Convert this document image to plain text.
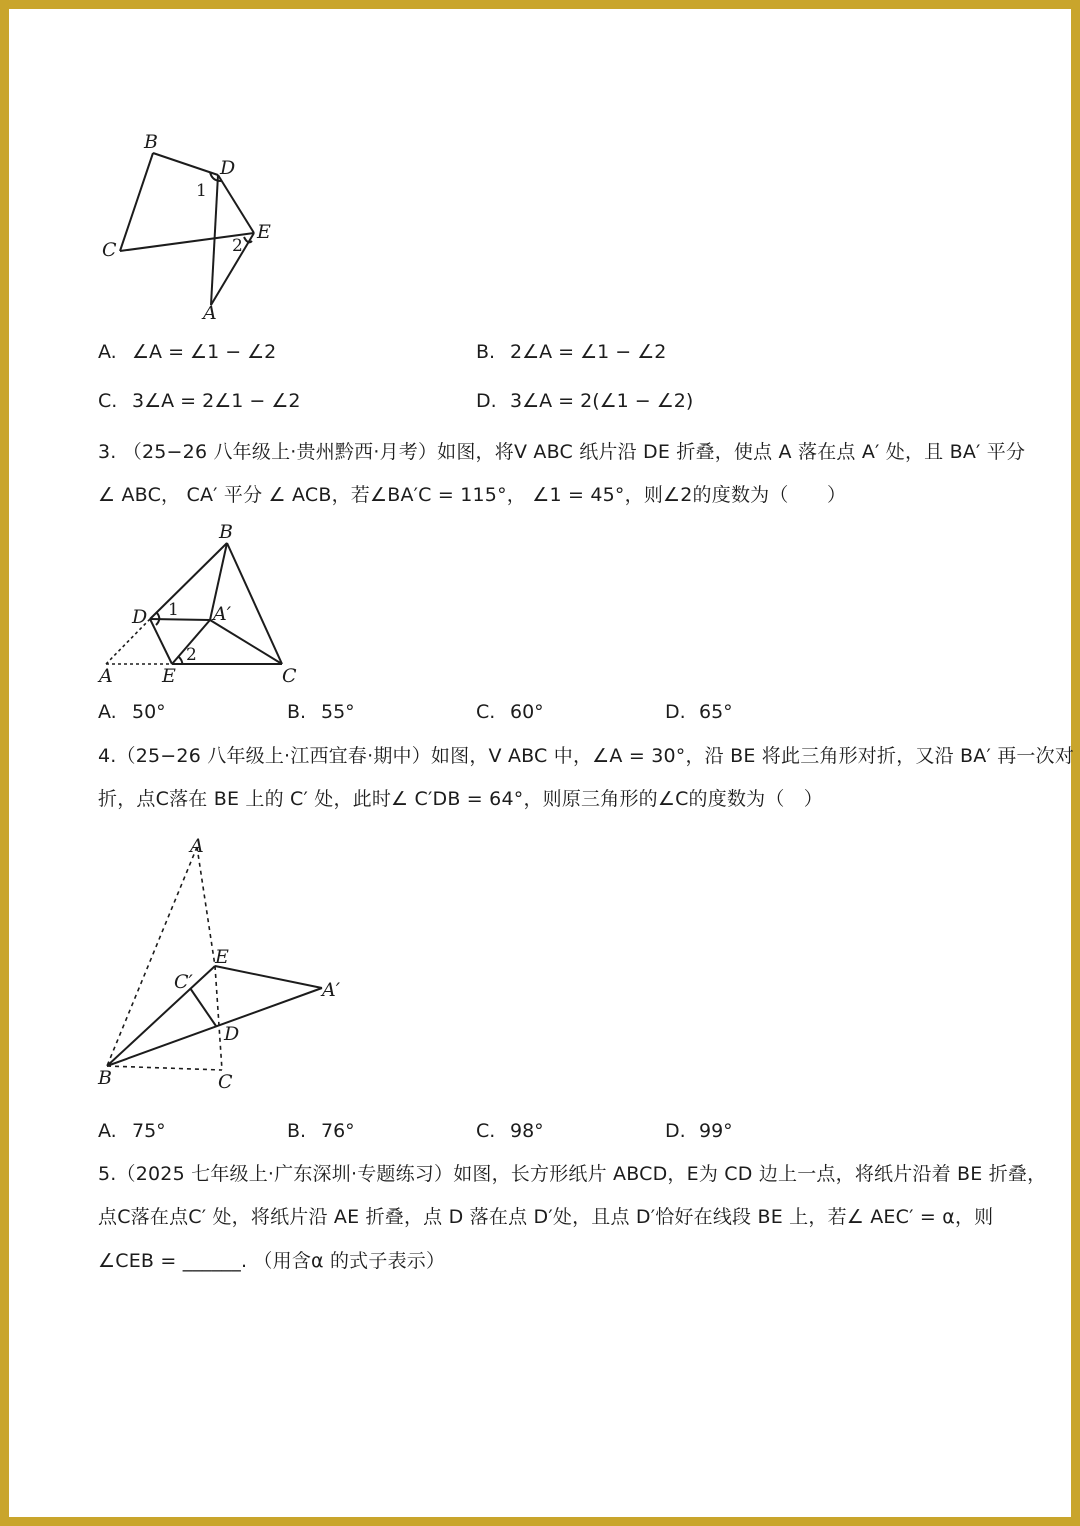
B
D
1
C	2
E
A
A. ∠A = ∠1 − ∠2	B. 2∠A = ∠1 − ∠2
C. 3∠A = 2∠1 − ∠2	D. 3∠A = 2(∠1 − ∠2)
3. （25−26 八年级上·贵州黔西·月考）如图，将V ABC 纸片沿 DE 折叠，使点 A 落在点 A′ 处，且 BA′ 平分
∠ ABC， CA′ 平分 ∠ ACB，若∠BA′C = 115°， ∠1 = 45°，则∠2的度数为（　　）
B
D 1 A′
2
A	E	C
A. 50°	B. 55°	C. 60°	D. 65°
4.（25−26 八年级上·江西宜春·期中）如图，V ABC 中，∠A = 30°，沿 BE 将此三角形对折，又沿 BA′ 再一次对
折，点C落在 BE 上的 C′ 处，此时∠ C′DB = 64°，则原三角形的∠C的度数为（　）
A
E
C′	A′
D
B	C
A. 75°	B. 76°	C. 98°	D. 99°
5.（2025 七年级上·广东深圳·专题练习）如图，长方形纸片 ABCD，E为 CD 边上一点，将纸片沿着 BE 折叠，
点C落在点C′ 处，将纸片沿 AE 折叠，点 D 落在点 D′处，且点 D′恰好在线段 BE 上，若∠ AEC′ = α，则
∠CEB = ______. （用含α 的式子表示）
